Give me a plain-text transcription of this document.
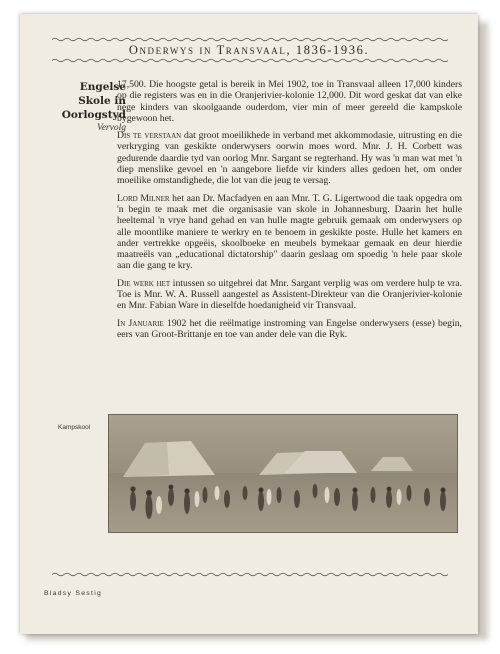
Onderwys in Transvaal, 1836-1936.
Engelse
Skole in
Oorlogstyd
Vervolg

17,500. Die hoogste getal is bereik in Mei 1902, toe in Transvaal alleen 17,000 kinders op die registers was en in die Oranjerivier-kolonie 12,000. Dit word geskat dat van elke nege kinders van skoolgaande ouderdom, vier min of meer gereeld die kampskole bygewoon het.

Dis te verstaan dat groot moeilikhede in verband met akkommodasie, uitrusting en die verkryging van geskikte onderwysers oorwin moes word. Mnr. J. H. Corbett was gedurende daardie tyd van oorlog Mnr. Sargant se regterhand. Hy was 'n man wat met 'n diep menslike gevoel en 'n aangebore liefde vir kinders alles gedoen het, om onder moeilike omstandighede, die lot van die jeug te versag.

Lord Milner het aan Dr. Macfadyen en aan Mnr. T. G. Ligertwood die taak opgedra om 'n begin te maak met die organisasie van skole in Johannesburg. Daarin het hulle heeltemal 'n vrye hand gehad en van hulle magte gebruik gemaak om onderwysers op alle moontlike maniere te werkry en te benoem in geskikte poste. Hulle het kamers en ander vertrekke opgeëis, skoolboeke en meubels bymekaar gemaak en deur hierdie maatreëls van „educational dictatorship" daarin geslaag om spoedig 'n hele paar skole aan die gang te kry.

Die werk het intussen so uitgebrei dat Mnr. Sargant verplig was om verdere hulp te vra. Toe is Mnr. W. A. Russell aangestel as Assistent-Direkteur van die Oranjerivier-kolonie en Mnr. Fabian Ware in dieselfde hoedanigheid vir Transvaal.

In Januarie 1902 het die reëlmatige instroming van Engelse onderwysers (esse) begin, eers van Groot-Brittanje en toe van ander dele van die Ryk.

Kampskool
Bladsy Sestig
